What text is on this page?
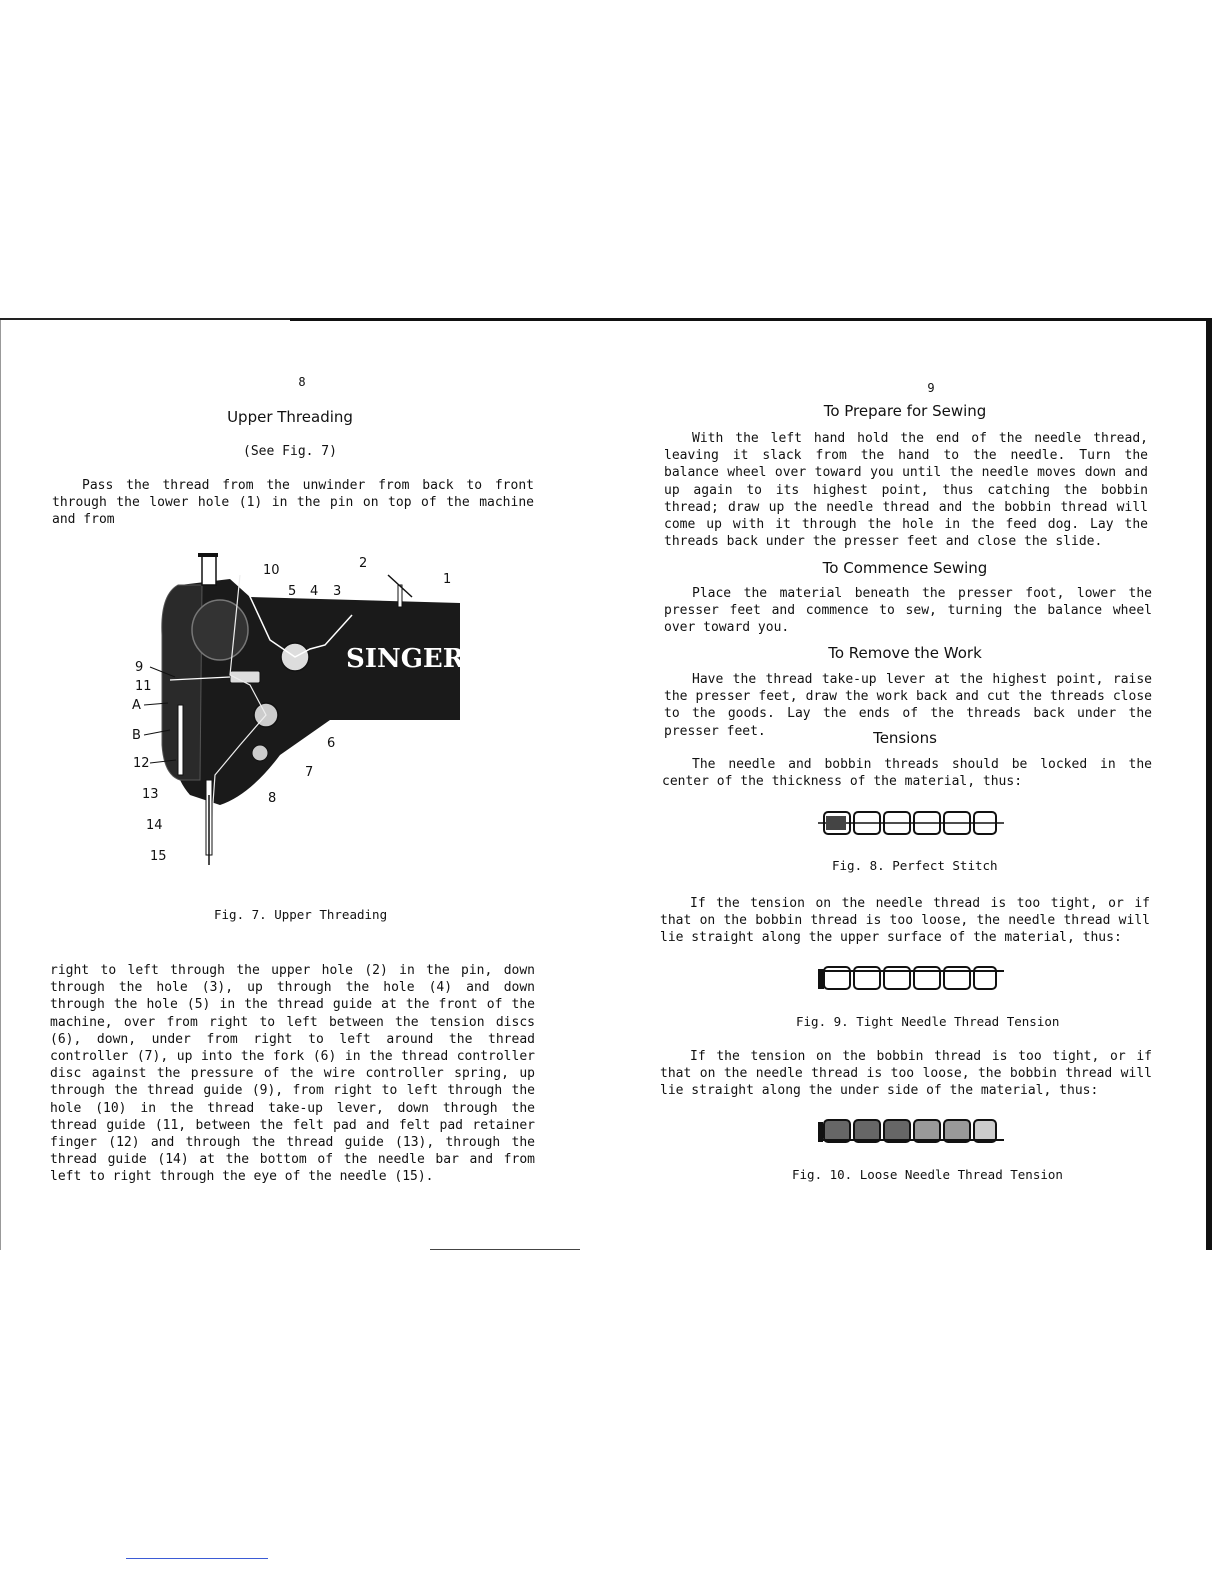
8
Upper Threading
(See Fig. 7)

Pass the thread from the unwinder from back to front through the lower hole (1) in the pin on top of the machine and from

SINGER
10	2
1
5 4 3
9
11
A
B
12
13
14
15
6
7
8
Fig. 7. Upper Threading

right to left through the upper hole (2) in the pin, down through the hole (3), up through the hole (4) and down through the hole (5) in the thread guide at the front of the machine, over from right to left between the tension discs (6), down, under from right to left around the thread controller (7), up into the fork (6) in the thread controller disc against the pressure of the wire controller spring, up through the thread guide (9), from right to left through the hole (10) in the thread take-up lever, down through the thread guide (11, between the felt pad and felt pad retainer finger (12) and through the thread guide (13), through the thread guide (14) at the bottom of the needle bar and from left to right through the eye of the needle (15).

9
To Prepare for Sewing

With the left hand hold the end of the needle thread, leaving it slack from the hand to the needle. Turn the balance wheel over toward you until the needle moves down and up again to its highest point, thus catching the bobbin thread; draw up the needle thread and the bobbin thread will come up with it through the hole in the feed dog. Lay the threads back under the presser feet and close the slide.

To Commence Sewing

Place the material beneath the presser foot, lower the presser feet and commence to sew, turning the balance wheel over toward you.

To Remove the Work

Have the thread take-up lever at the highest point, raise the presser feet, draw the work back and cut the threads close to the goods. Lay the ends of the threads back under the presser feet.	Tensions

The needle and bobbin threads should be locked in the center of the thickness of the material, thus:

Fig. 8. Perfect Stitch

If the tension on the needle thread is too tight, or if that on the bobbin thread is too loose, the needle thread will lie straight along the upper surface of the material, thus:

Fig. 9. Tight Needle Thread Tension

If the tension on the bobbin thread is too tight, or if that on the needle thread is too loose, the bobbin thread will lie straight along the under side of the material, thus:

Fig. 10. Loose Needle Thread Tension
